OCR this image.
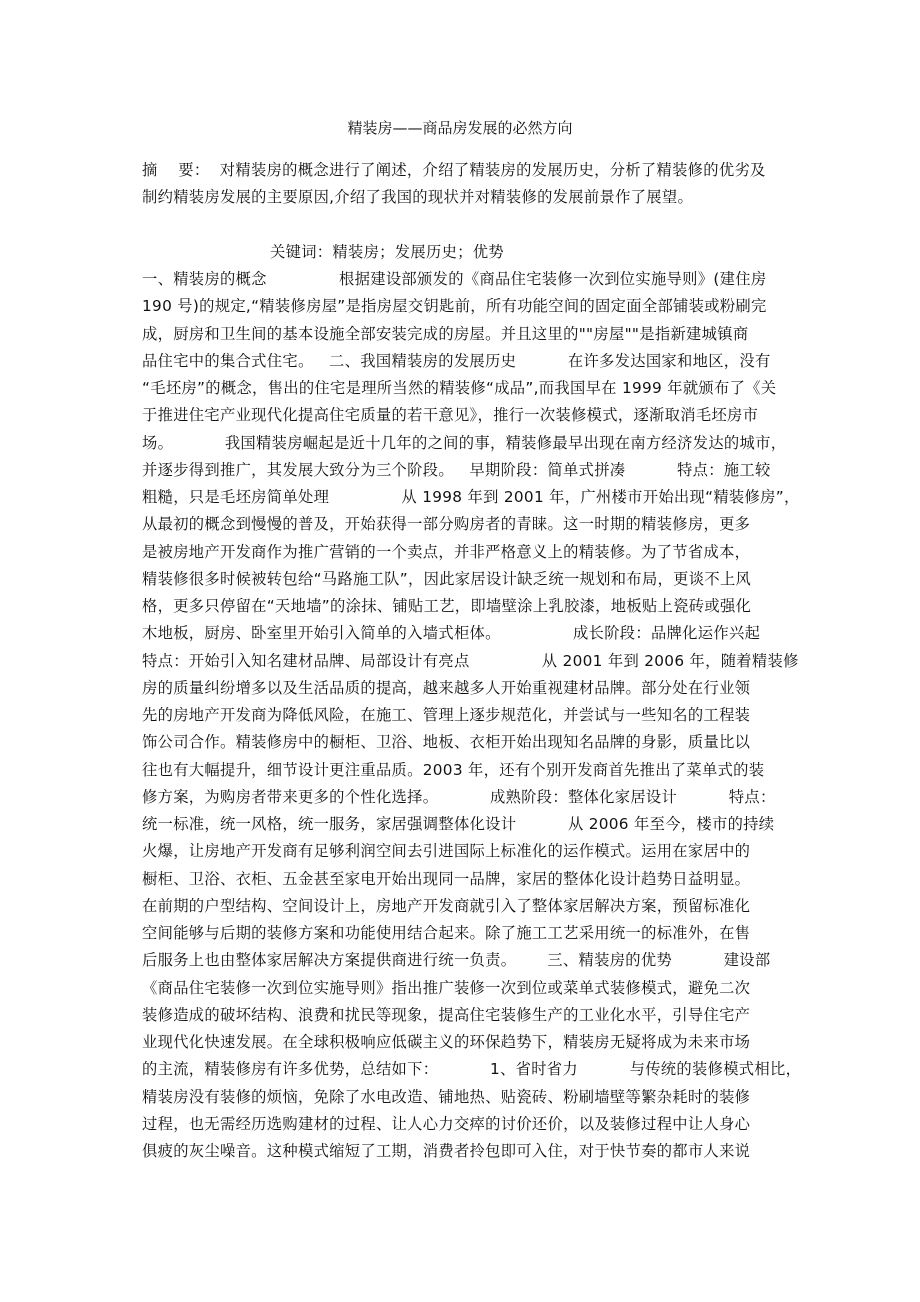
精装房——商品房发展的必然方向
摘    要：  对精装房的概念进行了阐述，介绍了精装房的发展历史，分析了精装修的优劣及
制约精装房发展的主要原因,介绍了我国的现状并对精装修的发展前景作了展望。
关键词：精装房；发展历史；优势
一、精装房的概念              根据建设部颁发的《商品住宅装修一次到位实施导则》(建住房
190 号)的规定,“精装修房屋”是指房屋交钥匙前，所有功能空间的固定面全部铺装或粉刷完
成，厨房和卫生间的基本设施全部安装完成的房屋。并且这里的""房屋""是指新建城镇商
品住宅中的集合式住宅。   二、我国精装房的发展历史          在许多发达国家和地区，没有
“毛坯房”的概念，售出的住宅是理所当然的精装修“成品”,而我国早在 1999 年就颁布了《关
于推进住宅产业现代化提高住宅质量的若干意见》，推行一次装修模式，逐渐取消毛坯房市
场。          我国精装房崛起是近十几年的之间的事，精装修最早出现在南方经济发达的城市，
并逐步得到推广，其发展大致分为三个阶段。   早期阶段：简单式拼凑          特点：施工较
粗糙，只是毛坯房简单处理              从 1998 年到 2001 年，广州楼市开始出现“精装修房”，
从最初的概念到慢慢的普及，开始获得一部分购房者的青睐。这一时期的精装修房，更多
是被房地产开发商作为推广营销的一个卖点，并非严格意义上的精装修。为了节省成本，
精装修很多时候被转包给“马路施工队”，因此家居设计缺乏统一规划和布局，更谈不上风
格，更多只停留在“天地墙”的涂抹、铺贴工艺，即墙壁涂上乳胶漆，地板贴上瓷砖或强化
木地板，厨房、卧室里开始引入简单的入墙式柜体。              成长阶段：品牌化运作兴起
特点：开始引入知名建材品牌、局部设计有亮点              从 2001 年到 2006 年，随着精装修
房的质量纠纷增多以及生活品质的提高，越来越多人开始重视建材品牌。部分处在行业领
先的房地产开发商为降低风险，在施工、管理上逐步规范化，并尝试与一些知名的工程装
饰公司合作。精装修房中的橱柜、卫浴、地板、衣柜开始出现知名品牌的身影，质量比以
往也有大幅提升，细节设计更注重品质。2003 年，还有个别开发商首先推出了菜单式的装
修方案，为购房者带来更多的个性化选择。          成熟阶段：整体化家居设计          特点：
统一标准，统一风格，统一服务，家居强调整体化设计          从 2006 年至今，楼市的持续
火爆，让房地产开发商有足够利润空间去引进国际上标准化的运作模式。运用在家居中的
橱柜、卫浴、衣柜、五金甚至家电开始出现同一品牌，家居的整体化设计趋势日益明显。
在前期的户型结构、空间设计上，房地产开发商就引入了整体家居解决方案，预留标准化
空间能够与后期的装修方案和功能使用结合起来。除了施工工艺采用统一的标准外，在售
后服务上也由整体家居解决方案提供商进行统一负责。      三、精装房的优势          建设部
《商品住宅装修一次到位实施导则》指出推广装修一次到位或菜单式装修模式，避免二次
装修造成的破坏结构、浪费和扰民等现象，提高住宅装修生产的工业化水平，引导住宅产
业现代化快速发展。在全球积极响应低碳主义的环保趋势下，精装房无疑将成为未来市场
的主流，精装修房有许多优势，总结如下：          1、省时省力          与传统的装修模式相比，
精装房没有装修的烦恼，免除了水电改造、铺地热、贴瓷砖、粉刷墙壁等繁杂耗时的装修
过程，也无需经历选购建材的过程、让人心力交瘁的讨价还价，以及装修过程中让人身心
俱疲的灰尘噪音。这种模式缩短了工期，消费者拎包即可入住，对于快节奏的都市人来说
